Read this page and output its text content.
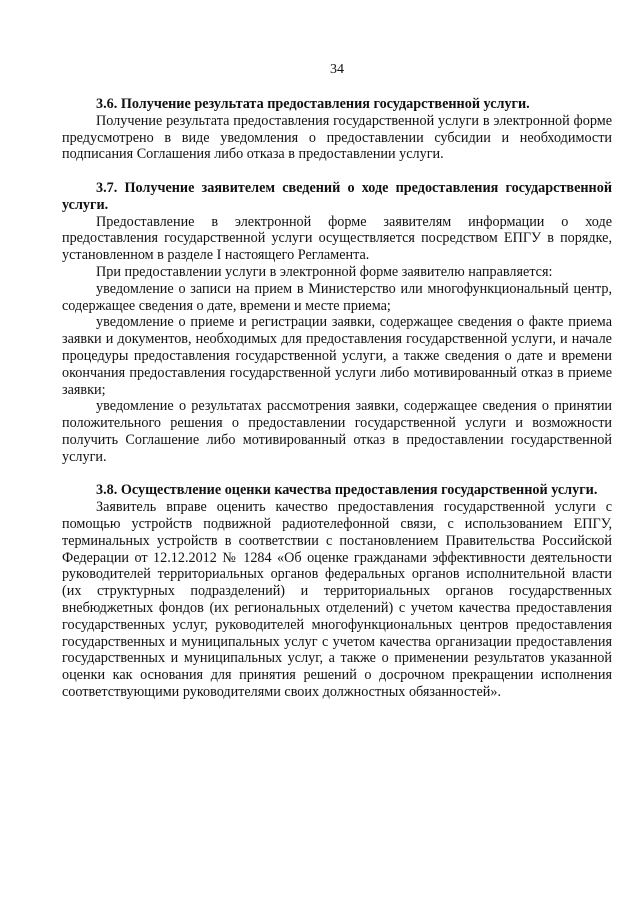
34

3.6. Получение результата предоставления государственной услуги.

Получение результата предоставления государственной услуги в электронной форме предусмотрено в виде уведомления о предоставлении субсидии и необходимости подписания Соглашения либо отказа в предоставлении услуги.

3.7. Получение заявителем сведений о ходе предоставления государственной услуги.

Предоставление в электронной форме заявителям информации о ходе предоставления государственной услуги осуществляется посредством ЕПГУ в порядке, установленном в разделе I настоящего Регламента.

При предоставлении услуги в электронной форме заявителю направляется:

уведомление о записи на прием в Министерство или многофункциональный центр, содержащее сведения о дате, времени и месте приема;

уведомление о приеме и регистрации заявки, содержащее сведения о факте приема заявки и документов, необходимых для предоставления государственной услуги, и начале процедуры предоставления государственной услуги, а также сведения о дате и времени окончания предоставления государственной услуги либо мотивированный отказ в приеме заявки;

уведомление о результатах рассмотрения заявки, содержащее сведения о принятии положительного решения о предоставлении государственной услуги и возможности получить Соглашение либо мотивированный отказ в предоставлении государственной услуги.

3.8. Осуществление оценки качества предоставления государственной услуги.

Заявитель вправе оценить качество предоставления государственной услуги с помощью устройств подвижной радиотелефонной связи, с использованием ЕПГУ, терминальных устройств в соответствии с постановлением Правительства Российской Федерации от 12.12.2012 № 1284 «Об оценке гражданами эффективности деятельности руководителей территориальных органов федеральных органов исполнительной власти (их структурных подразделений) и территориальных органов государственных внебюджетных фондов (их региональных отделений) с учетом качества предоставления государственных услуг, руководителей многофункциональных центров предоставления государственных и муниципальных услуг с учетом качества организации предоставления государственных и муниципальных услуг, а также о применении результатов указанной оценки как основания для принятия решений о досрочном прекращении исполнения соответствующими руководителями своих должностных обязанностей».
